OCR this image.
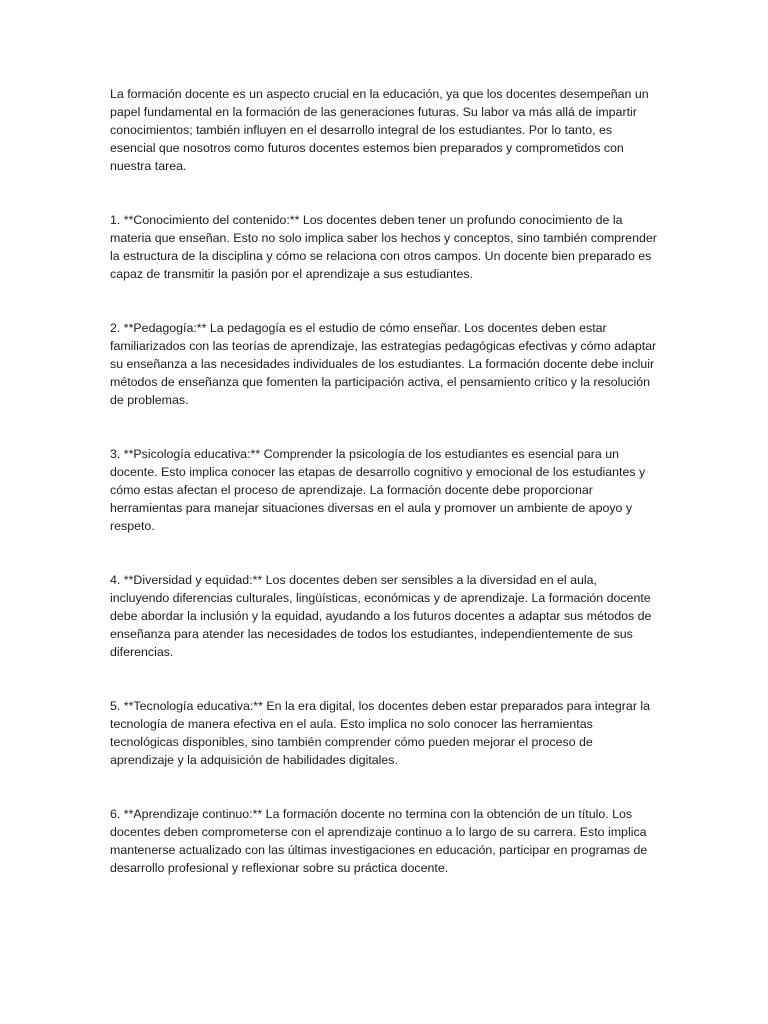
La formación docente es un aspecto crucial en la educación, ya que los docentes desempeñan un papel fundamental en la formación de las generaciones futuras. Su labor va más allá de impartir conocimientos; también influyen en el desarrollo integral de los estudiantes. Por lo tanto, es esencial que nosotros como futuros docentes estemos bien preparados y comprometidos con nuestra tarea.

1. **Conocimiento del contenido:** Los docentes deben tener un profundo conocimiento de la materia que enseñan. Esto no solo implica saber los hechos y conceptos, sino también comprender la estructura de la disciplina y cómo se relaciona con otros campos. Un docente bien preparado es capaz de transmitir la pasión por el aprendizaje a sus estudiantes.

2. **Pedagogía:** La pedagogía es el estudio de cómo enseñar. Los docentes deben estar familiarizados con las teorías de aprendizaje, las estrategias pedagógicas efectivas y cómo adaptar su enseñanza a las necesidades individuales de los estudiantes. La formación docente debe incluir métodos de enseñanza que fomenten la participación activa, el pensamiento crítico y la resolución de problemas.

3. **Psicología educativa:** Comprender la psicología de los estudiantes es esencial para un docente. Esto implica conocer las etapas de desarrollo cognitivo y emocional de los estudiantes y cómo estas afectan el proceso de aprendizaje. La formación docente debe proporcionar herramientas para manejar situaciones diversas en el aula y promover un ambiente de apoyo y respeto.

4. **Diversidad y equidad:** Los docentes deben ser sensibles a la diversidad en el aula, incluyendo diferencias culturales, lingüísticas, económicas y de aprendizaje. La formación docente debe abordar la inclusión y la equidad, ayudando a los futuros docentes a adaptar sus métodos de enseñanza para atender las necesidades de todos los estudiantes, independientemente de sus diferencias.

5. **Tecnología educativa:** En la era digital, los docentes deben estar preparados para integrar la tecnología de manera efectiva en el aula. Esto implica no solo conocer las herramientas tecnológicas disponibles, sino también comprender cómo pueden mejorar el proceso de aprendizaje y la adquisición de habilidades digitales.

6. **Aprendizaje continuo:** La formación docente no termina con la obtención de un título. Los docentes deben comprometerse con el aprendizaje continuo a lo largo de su carrera. Esto implica mantenerse actualizado con las últimas investigaciones en educación, participar en programas de desarrollo profesional y reflexionar sobre su práctica docente.
